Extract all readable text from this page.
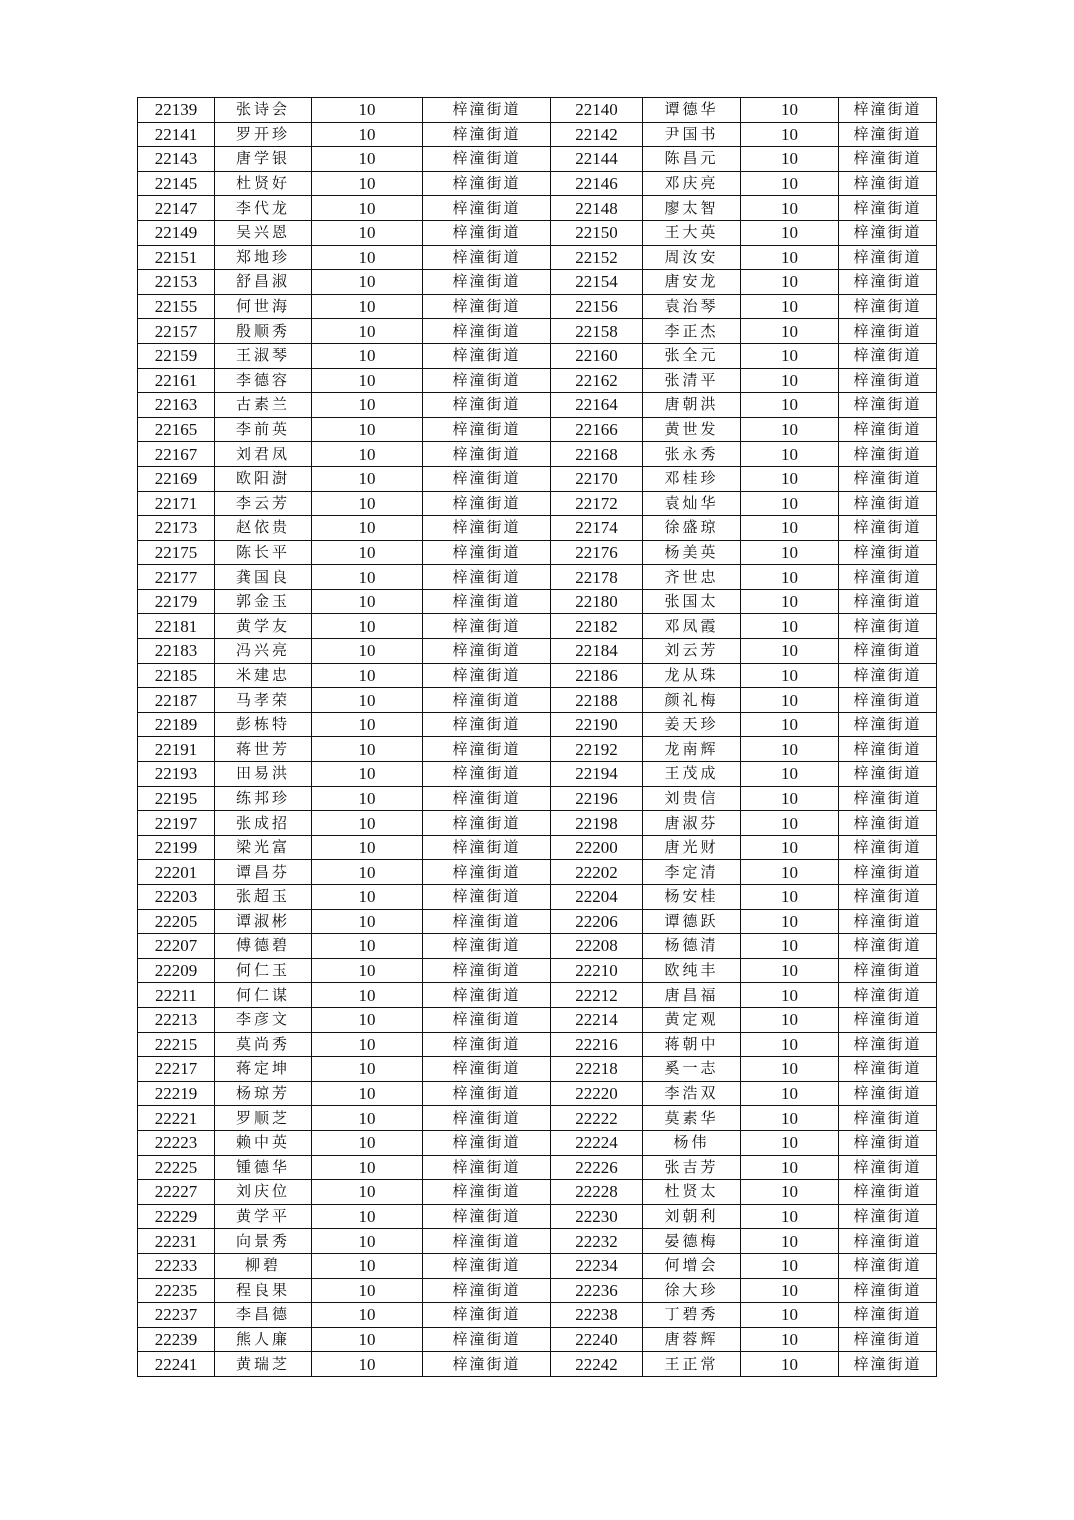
22139	张诗会	10	梓潼街道	22140	谭德华	10	梓潼街道
22141	罗开珍	10	梓潼街道	22142	尹国书	10	梓潼街道
22143	唐学银	10	梓潼街道	22144	陈昌元	10	梓潼街道
22145	杜贤好	10	梓潼街道	22146	邓庆亮	10	梓潼街道
22147	李代龙	10	梓潼街道	22148	廖太智	10	梓潼街道
22149	吴兴恩	10	梓潼街道	22150	王大英	10	梓潼街道
22151	郑地珍	10	梓潼街道	22152	周汝安	10	梓潼街道
22153	舒昌淑	10	梓潼街道	22154	唐安龙	10	梓潼街道
22155	何世海	10	梓潼街道	22156	袁治琴	10	梓潼街道
22157	殷顺秀	10	梓潼街道	22158	李正杰	10	梓潼街道
22159	王淑琴	10	梓潼街道	22160	张全元	10	梓潼街道
22161	李德容	10	梓潼街道	22162	张清平	10	梓潼街道
22163	古素兰	10	梓潼街道	22164	唐朝洪	10	梓潼街道
22165	李前英	10	梓潼街道	22166	黄世发	10	梓潼街道
22167	刘君凤	10	梓潼街道	22168	张永秀	10	梓潼街道
22169	欧阳澍	10	梓潼街道	22170	邓桂珍	10	梓潼街道
22171	李云芳	10	梓潼街道	22172	袁灿华	10	梓潼街道
22173	赵依贵	10	梓潼街道	22174	徐盛琼	10	梓潼街道
22175	陈长平	10	梓潼街道	22176	杨美英	10	梓潼街道
22177	龚国良	10	梓潼街道	22178	齐世忠	10	梓潼街道
22179	郭金玉	10	梓潼街道	22180	张国太	10	梓潼街道
22181	黄学友	10	梓潼街道	22182	邓凤霞	10	梓潼街道
22183	冯兴亮	10	梓潼街道	22184	刘云芳	10	梓潼街道
22185	米建忠	10	梓潼街道	22186	龙从珠	10	梓潼街道
22187	马孝荣	10	梓潼街道	22188	颜礼梅	10	梓潼街道
22189	彭栋特	10	梓潼街道	22190	姜天珍	10	梓潼街道
22191	蒋世芳	10	梓潼街道	22192	龙南辉	10	梓潼街道
22193	田易洪	10	梓潼街道	22194	王茂成	10	梓潼街道
22195	练邦珍	10	梓潼街道	22196	刘贵信	10	梓潼街道
22197	张成招	10	梓潼街道	22198	唐淑芬	10	梓潼街道
22199	梁光富	10	梓潼街道	22200	唐光财	10	梓潼街道
22201	谭昌芬	10	梓潼街道	22202	李定清	10	梓潼街道
22203	张超玉	10	梓潼街道	22204	杨安桂	10	梓潼街道
22205	谭淑彬	10	梓潼街道	22206	谭德跃	10	梓潼街道
22207	傅德碧	10	梓潼街道	22208	杨德清	10	梓潼街道
22209	何仁玉	10	梓潼街道	22210	欧纯丰	10	梓潼街道
22211	何仁谋	10	梓潼街道	22212	唐昌福	10	梓潼街道
22213	李彦文	10	梓潼街道	22214	黄定观	10	梓潼街道
22215	莫尚秀	10	梓潼街道	22216	蒋朝中	10	梓潼街道
22217	蒋定坤	10	梓潼街道	22218	奚一志	10	梓潼街道
22219	杨琼芳	10	梓潼街道	22220	李浩双	10	梓潼街道
22221	罗顺芝	10	梓潼街道	22222	莫素华	10	梓潼街道
22223	赖中英	10	梓潼街道	22224	杨伟	10	梓潼街道
22225	锺德华	10	梓潼街道	22226	张吉芳	10	梓潼街道
22227	刘庆位	10	梓潼街道	22228	杜贤太	10	梓潼街道
22229	黄学平	10	梓潼街道	22230	刘朝利	10	梓潼街道
22231	向景秀	10	梓潼街道	22232	晏德梅	10	梓潼街道
22233	柳碧	10	梓潼街道	22234	何增会	10	梓潼街道
22235	程良果	10	梓潼街道	22236	徐大珍	10	梓潼街道
22237	李昌德	10	梓潼街道	22238	丁碧秀	10	梓潼街道
22239	熊人廉	10	梓潼街道	22240	唐蓉辉	10	梓潼街道
22241	黄瑞芝	10	梓潼街道	22242	王正常	10	梓潼街道
